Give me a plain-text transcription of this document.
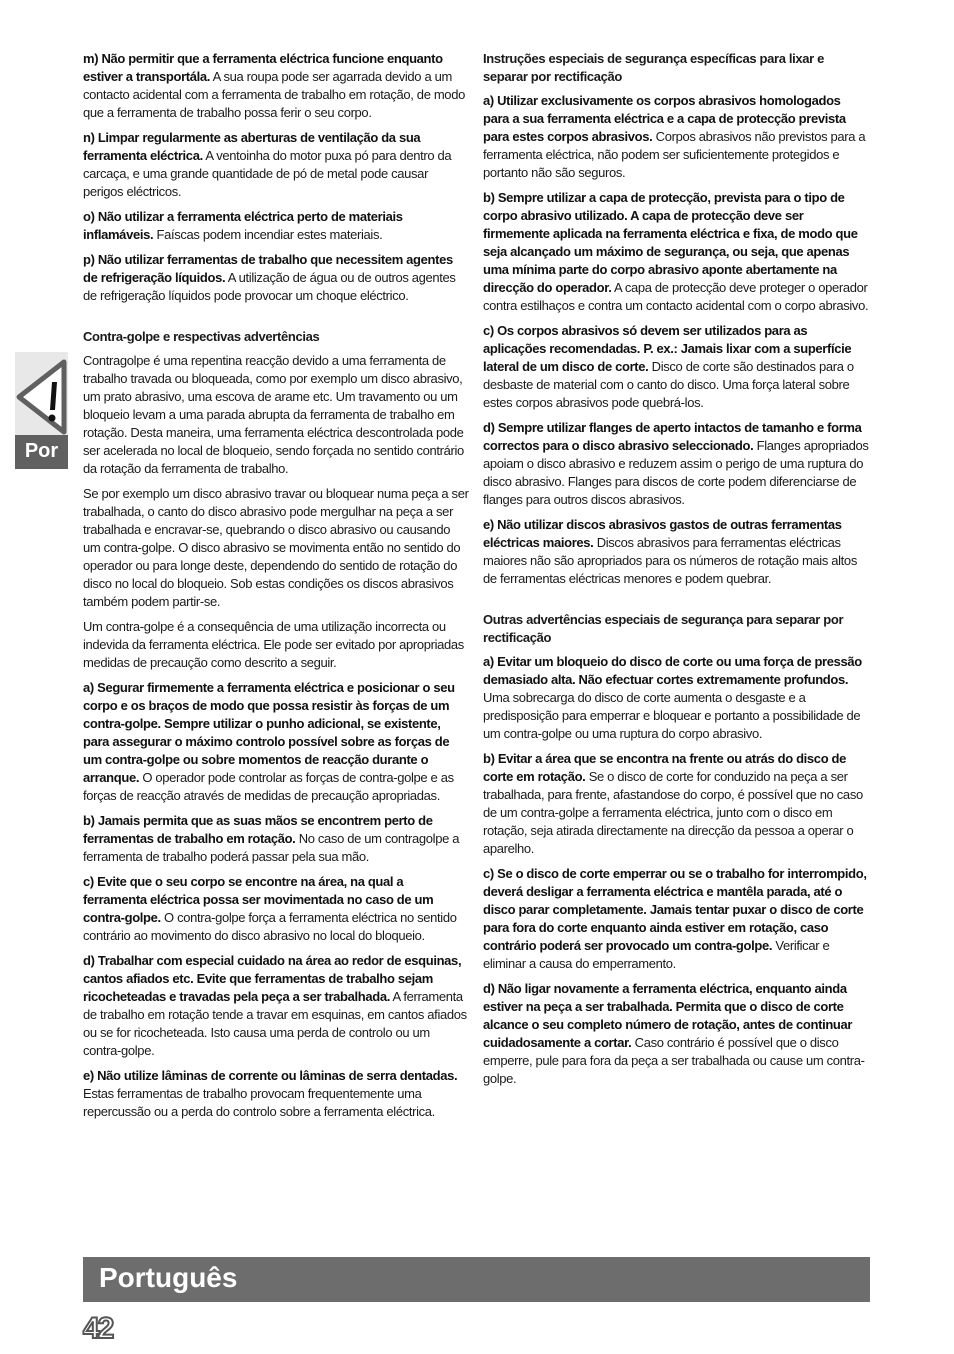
Por

m) Não permitir que a ferramenta eléctrica funcione enquanto estiver a transportála. A sua roupa pode ser agarrada devido a um contacto acidental com a ferramenta de trabalho em rotação, de modo que a ferramenta de trabalho possa ferir o seu corpo.

n) Limpar regularmente as aberturas de ventilação da sua ferramenta eléctrica. A ventoinha do motor puxa pó para dentro da carcaça, e uma grande quantidade de pó de metal pode causar perigos eléctricos.

o) Não utilizar a ferramenta eléctrica perto de materiais inflamáveis. Faíscas podem incendiar estes materiais.

p) Não utilizar ferramentas de trabalho que necessitem agentes de refrigeração líquidos. A utilização de água ou de outros agentes de refrigeração líquidos pode provocar um choque eléctrico.

Contra-golpe e respectivas advertências

Contragolpe é uma repentina reacção devido a uma ferramenta de trabalho travada ou bloqueada, como por exemplo um disco abrasivo, um prato abrasivo, uma escova de arame etc. Um travamento ou um bloqueio levam a uma parada abrupta da ferramenta de trabalho em rotação. Desta maneira, uma ferramenta eléctrica descontrolada pode ser acelerada no local de bloqueio, sendo forçada no sentido contrário da rotação da ferramenta de trabalho.

Se por exemplo um disco abrasivo travar ou bloquear numa peça a ser trabalhada, o canto do disco abrasivo pode mergulhar na peça a ser trabalhada e encravar-se, quebrando o disco abrasivo ou causando um contra-golpe. O disco abrasivo se movimenta então no sentido do operador ou para longe deste, dependendo do sentido de rotação do disco no local do bloqueio. Sob estas condições os discos abrasivos também podem partir-se.

Um contra-golpe é a consequência de uma utilização incorrecta ou indevida da ferramenta eléctrica. Ele pode ser evitado por apropriadas medidas de precaução como descrito a seguir.

a) Segurar firmemente a ferramenta eléctrica e posicionar o seu corpo e os braços de modo que possa resistir às forças de um contra-golpe. Sempre utilizar o punho adicional, se existente, para assegurar o máximo controlo possível sobre as forças de um contra-golpe ou sobre momentos de reacção durante o arranque. O operador pode controlar as forças de contra-golpe e as forças de reacção através de medidas de precaução apropriadas.

b) Jamais permita que as suas mãos se encontrem perto de ferramentas de trabalho em rotação. No caso de um contragolpe a ferramenta de trabalho poderá passar pela sua mão.

c) Evite que o seu corpo se encontre na área, na qual a ferramenta eléctrica possa ser movimentada no caso de um contra-golpe. O contra-golpe força a ferramenta eléctrica no sentido contrário ao movimento do disco abrasivo no local do bloqueio.

d) Trabalhar com especial cuidado na área ao redor de esquinas, cantos afiados etc. Evite que ferramentas de trabalho sejam ricocheteadas e travadas pela peça a ser trabalhada. A ferramenta de trabalho em rotação tende a travar em esquinas, em cantos afiados ou se for ricocheteada. Isto causa uma perda de controlo ou um contra-golpe.

e) Não utilize lâminas de corrente ou lâminas de serra dentadas. Estas ferramentas de trabalho provocam frequentemente uma repercussão ou a perda do controlo sobre a ferramenta eléctrica.

Instruções especiais de segurança específicas para lixar e separar por rectificação

a) Utilizar exclusivamente os corpos abrasivos homologados para a sua ferramenta eléctrica e a capa de protecção prevista para estes corpos abrasivos. Corpos abrasivos não previstos para a ferramenta eléctrica, não podem ser suficientemente protegidos e portanto não são seguros.

b) Sempre utilizar a capa de protecção, prevista para o tipo de corpo abrasivo utilizado. A capa de protecção deve ser firmemente aplicada na ferramenta eléctrica e fixa, de modo que seja alcançado um máximo de segurança, ou seja, que apenas uma mínima parte do corpo abrasivo aponte abertamente na direcção do operador. A capa de protecção deve proteger o operador contra estilhaços e contra um contacto acidental com o corpo abrasivo.

c) Os corpos abrasivos só devem ser utilizados para as aplicações recomendadas. P. ex.: Jamais lixar com a superfície lateral de um disco de corte. Disco de corte são destinados para o desbaste de material com o canto do disco. Uma força lateral sobre estes corpos abrasivos pode quebrá-los.

d) Sempre utilizar flanges de aperto intactos de tamanho e forma correctos para o disco abrasivo seleccionado. Flanges apropriados apoiam o disco abrasivo e reduzem assim o perigo de uma ruptura do disco abrasivo. Flanges para discos de corte podem diferenciarse de flanges para outros discos abrasivos.

e) Não utilizar discos abrasivos gastos de outras ferramentas eléctricas maiores. Discos abrasivos para ferramentas eléctricas maiores não são apropriados para os números de rotação mais altos de ferramentas eléctricas menores e podem quebrar.

Outras advertências especiais de segurança para separar por rectificação

a) Evitar um bloqueio do disco de corte ou uma força de pressão demasiado alta. Não efectuar cortes extremamente profundos. Uma sobrecarga do disco de corte aumenta o desgaste e a predisposição para emperrar e bloquear e portanto a possibilidade de um contra-golpe ou uma ruptura do corpo abrasivo.

b) Evitar a área que se encontra na frente ou atrás do disco de corte em rotação. Se o disco de corte for conduzido na peça a ser trabalhada, para frente, afastandose do corpo, é possível que no caso de um contra-golpe a ferramenta eléctrica, junto com o disco em rotação, seja atirada directamente na direcção da pessoa a operar o aparelho.

c) Se o disco de corte emperrar ou se o trabalho for interrompido, deverá desligar a ferramenta eléctrica e mantêla parada, até o disco parar completamente. Jamais tentar puxar o disco de corte para fora do corte enquanto ainda estiver em rotação, caso contrário poderá ser provocado um contra-golpe. Verificar e eliminar a causa do emperramento.

d) Não ligar novamente a ferramenta eléctrica, enquanto ainda estiver na peça a ser trabalhada. Permita que o disco de corte alcance o seu completo número de rotação, antes de continuar cuidadosamente a cortar. Caso contrário é possível que o disco emperre, pule para fora da peça a ser trabalhada ou cause um contra-golpe.

Português
42
